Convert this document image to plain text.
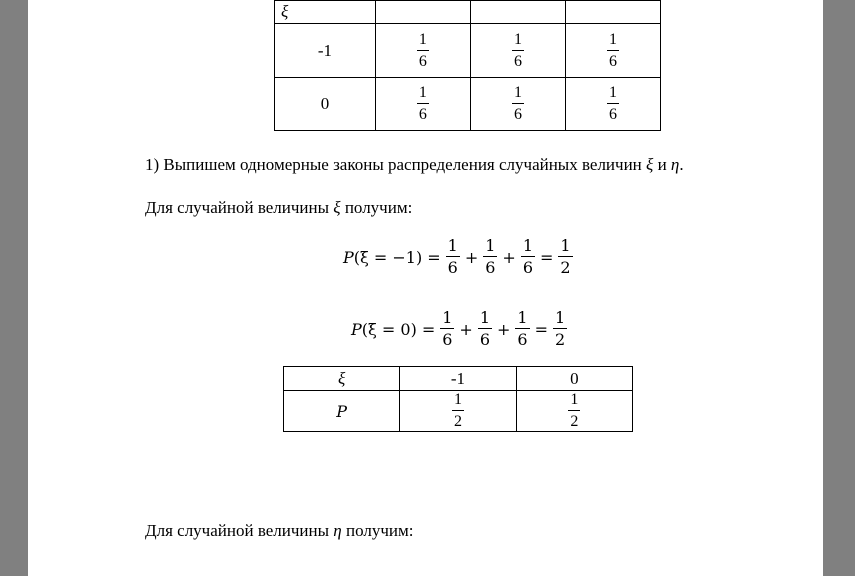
ξ			
-1	$\frac{1}{6}$	$\frac{1}{6}$	$\frac{1}{6}$

0	$\frac{1}{6}$	$\frac{1}{6}$	$\frac{1}{6}$
1) Выпишем одномерные законы распределения случайных величин ξ и η.
Для случайной величины ξ получим:
$P(\xi = -1) = \frac{1}{6} + \frac{1}{6} + \frac{1}{6} = \frac{1}{2}$
$P(\xi = 0) = \frac{1}{6} + \frac{1}{6} + \frac{1}{6} = \frac{1}{2}$
ξ	-1	0
P	$\frac{1}{2}$	$\frac{1}{2}$
Для случайной величины η получим:
